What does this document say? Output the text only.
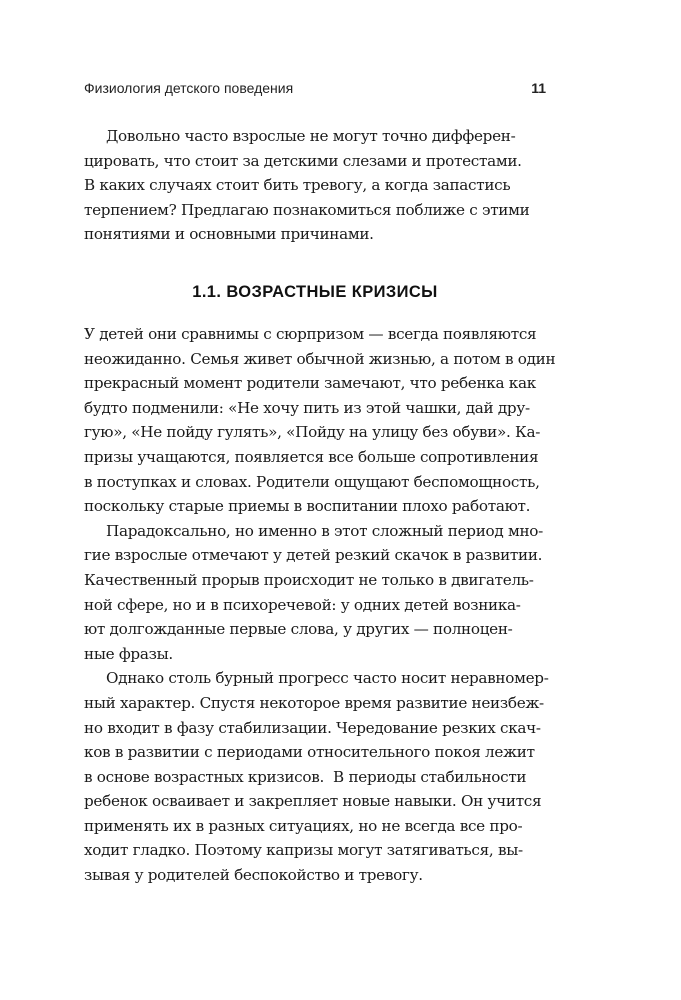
Физиология детского поведения	11
Довольно часто взрослые не могут точно дифферен-
цировать, что стоит за детскими слезами и протестами.
В каких случаях стоит бить тревогу, а когда запастись
терпением? Предлагаю познакомиться поближе с этими
понятиями и основными причинами.
1.1. ВОЗРАСТНЫЕ КРИЗИСЫ
У детей они сравнимы с сюрпризом — всегда появляются
неожиданно. Семья живет обычной жизнью, а потом в один
прекрасный момент родители замечают, что ребенка как
будто подменили: «Не хочу пить из этой чашки, дай дру-
гую», «Не пойду гулять», «Пойду на улицу без обуви». Ка-
призы учащаются, появляется все больше сопротивления
в поступках и словах. Родители ощущают беспомощность,
поскольку старые приемы в воспитании плохо работают.
Парадоксально, но именно в этот сложный период мно-
гие взрослые отмечают у детей резкий скачок в развитии.
Качественный прорыв происходит не только в двигатель-
ной сфере, но и в психоречевой: у одних детей возника-
ют долгожданные первые слова, у других — полноцен-
ные фразы.
Однако столь бурный прогресс часто носит неравномер-
ный характер. Спустя некоторое время развитие неизбеж-
но входит в фазу стабилизации. Чередование резких скач-
ков в развитии с периодами относительного покоя лежит
в основе возрастных кризисов.  В периоды стабильности
ребенок осваивает и закрепляет новые навыки. Он учится
применять их в разных ситуациях, но не всегда все про-
ходит гладко. Поэтому капризы могут затягиваться, вы-
зывая у родителей беспокойство и тревогу.
